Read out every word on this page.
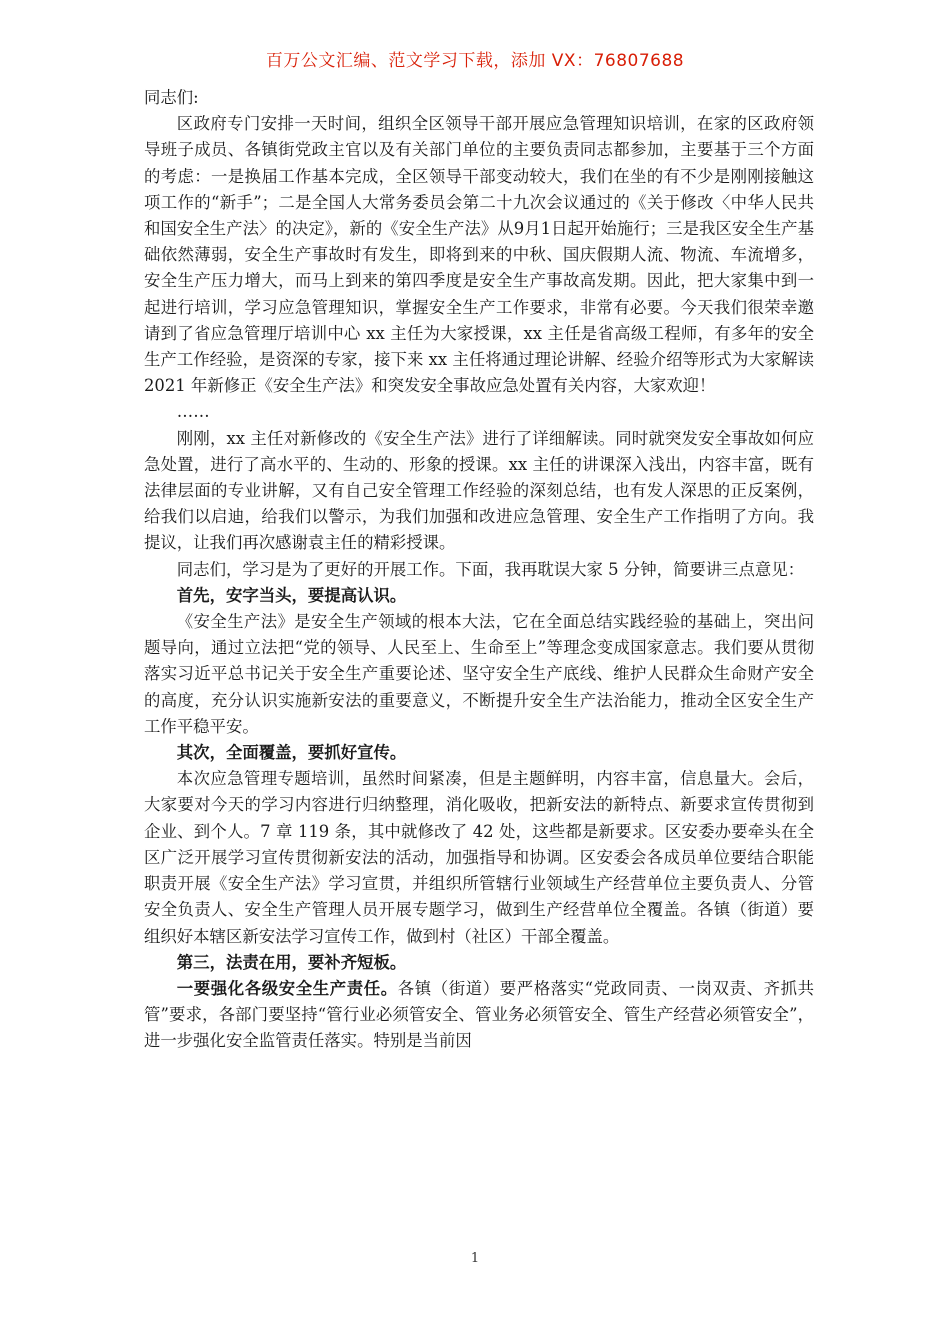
百万公文汇编、范文学习下载，添加 VX：76807688

同志们:

区政府专门安排一天时间，组织全区领导干部开展应急管理知识培训，在家的区政府领导班子成员、各镇街党政主官以及有关部门单位的主要负责同志都参加，主要基于三个方面的考虑：一是换届工作基本完成，全区领导干部变动较大，我们在坐的有不少是刚刚接触这项工作的“新手”；二是全国人大常务委员会第二十九次会议通过的《关于修改〈中华人民共和国安全生产法〉的决定》，新的《安全生产法》从9月1日起开始施行；三是我区安全生产基础依然薄弱，安全生产事故时有发生，即将到来的中秋、国庆假期人流、物流、车流增多，安全生产压力增大，而马上到来的第四季度是安全生产事故高发期。因此，把大家集中到一起进行培训，学习应急管理知识，掌握安全生产工作要求，非常有必要。今天我们很荣幸邀请到了省应急管理厅培训中心 xx 主任为大家授课，xx 主任是省高级工程师，有多年的安全生产工作经验，是资深的专家，接下来 xx 主任将通过理论讲解、经验介绍等形式为大家解读 2021 年新修正《安全生产法》和突发安全事故应急处置有关内容，大家欢迎！

……

刚刚，xx 主任对新修改的《安全生产法》进行了详细解读。同时就突发安全事故如何应急处置，进行了高水平的、生动的、形象的授课。xx 主任的讲课深入浅出，内容丰富，既有法律层面的专业讲解，又有自己安全管理工作经验的深刻总结，也有发人深思的正反案例，给我们以启迪，给我们以警示，为我们加强和改进应急管理、安全生产工作指明了方向。我提议，让我们再次感谢袁主任的精彩授课。

同志们，学习是为了更好的开展工作。下面，我再耽误大家 5 分钟，简要讲三点意见：

首先，安字当头，要提高认识。

《安全生产法》是安全生产领域的根本大法，它在全面总结实践经验的基础上，突出问题导向，通过立法把“党的领导、人民至上、生命至上”等理念变成国家意志。我们要从贯彻落实习近平总书记关于安全生产重要论述、坚守安全生产底线、维护人民群众生命财产安全的高度，充分认识实施新安法的重要意义，不断提升安全生产法治能力，推动全区安全生产工作平稳平安。

其次，全面覆盖，要抓好宣传。

本次应急管理专题培训，虽然时间紧凑，但是主题鲜明，内容丰富，信息量大。会后，大家要对今天的学习内容进行归纳整理，消化吸收，把新安法的新特点、新要求宣传贯彻到企业、到个人。7 章 119 条，其中就修改了 42 处，这些都是新要求。区安委办要牵头在全区广泛开展学习宣传贯彻新安法的活动，加强指导和协调。区安委会各成员单位要结合职能职责开展《安全生产法》学习宣贯，并组织所管辖行业领域生产经营单位主要负责人、分管安全负责人、安全生产管理人员开展专题学习，做到生产经营单位全覆盖。各镇（街道）要组织好本辖区新安法学习宣传工作，做到村（社区）干部全覆盖。

第三，法责在用，要补齐短板。

一要强化各级安全生产责任。各镇（街道）要严格落实“党政同责、一岗双责、齐抓共管”要求，各部门要坚持“管行业必须管安全、管业务必须管安全、管生产经营必须管安全”，进一步强化安全监管责任落实。特别是当前因

1
